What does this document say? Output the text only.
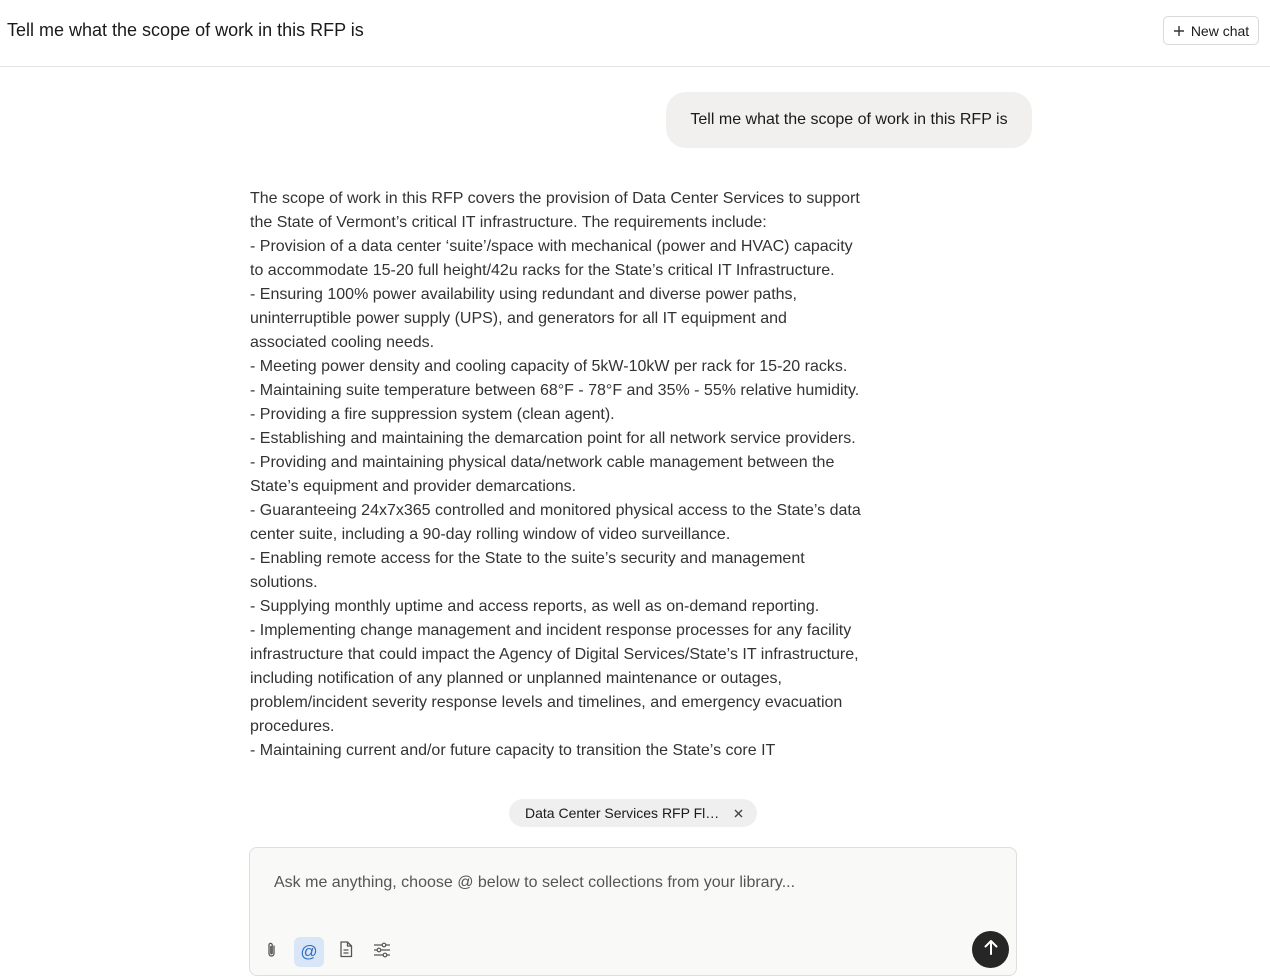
Tell me what the scope of work in this RFP is	New chat
Tell me what the scope of work in this RFP is

The scope of work in this RFP covers the provision of Data Center Services to support the State of Vermont’s critical IT infrastructure. The requirements include:

- Provision of a data center ‘suite’/space with mechanical (power and HVAC) capacity to accommodate 15-20 full height/42u racks for the State’s critical IT Infrastructure.

- Ensuring 100% power availability using redundant and diverse power paths, uninterruptible power supply (UPS), and generators for all IT equipment and associated cooling needs.

- Meeting power density and cooling capacity of 5kW-10kW per rack for 15-20 racks.

- Maintaining suite temperature between 68°F - 78°F and 35% - 55% relative humidity.

- Providing a fire suppression system (clean agent).

- Establishing and maintaining the demarcation point for all network service providers.

- Providing and maintaining physical data/network cable management between the State’s equipment and provider demarcations.

- Guaranteeing 24x7x365 controlled and monitored physical access to the State’s data center suite, including a 90-day rolling window of video surveillance.

- Enabling remote access for the State to the suite’s security and management solutions.

- Supplying monthly uptime and access reports, as well as on-demand reporting.

- Implementing change management and incident response processes for any facility infrastructure that could impact the Agency of Digital Services/State’s IT infrastructure, including notification of any planned or unplanned maintenance or outages, problem/incident severity response levels and timelines, and emergency evacuation procedures.

- Maintaining current and/or future capacity to transition the State’s core IT

Data Center Services RFP Fl…
Ask me anything, choose @ below to select collections from your library...
@
